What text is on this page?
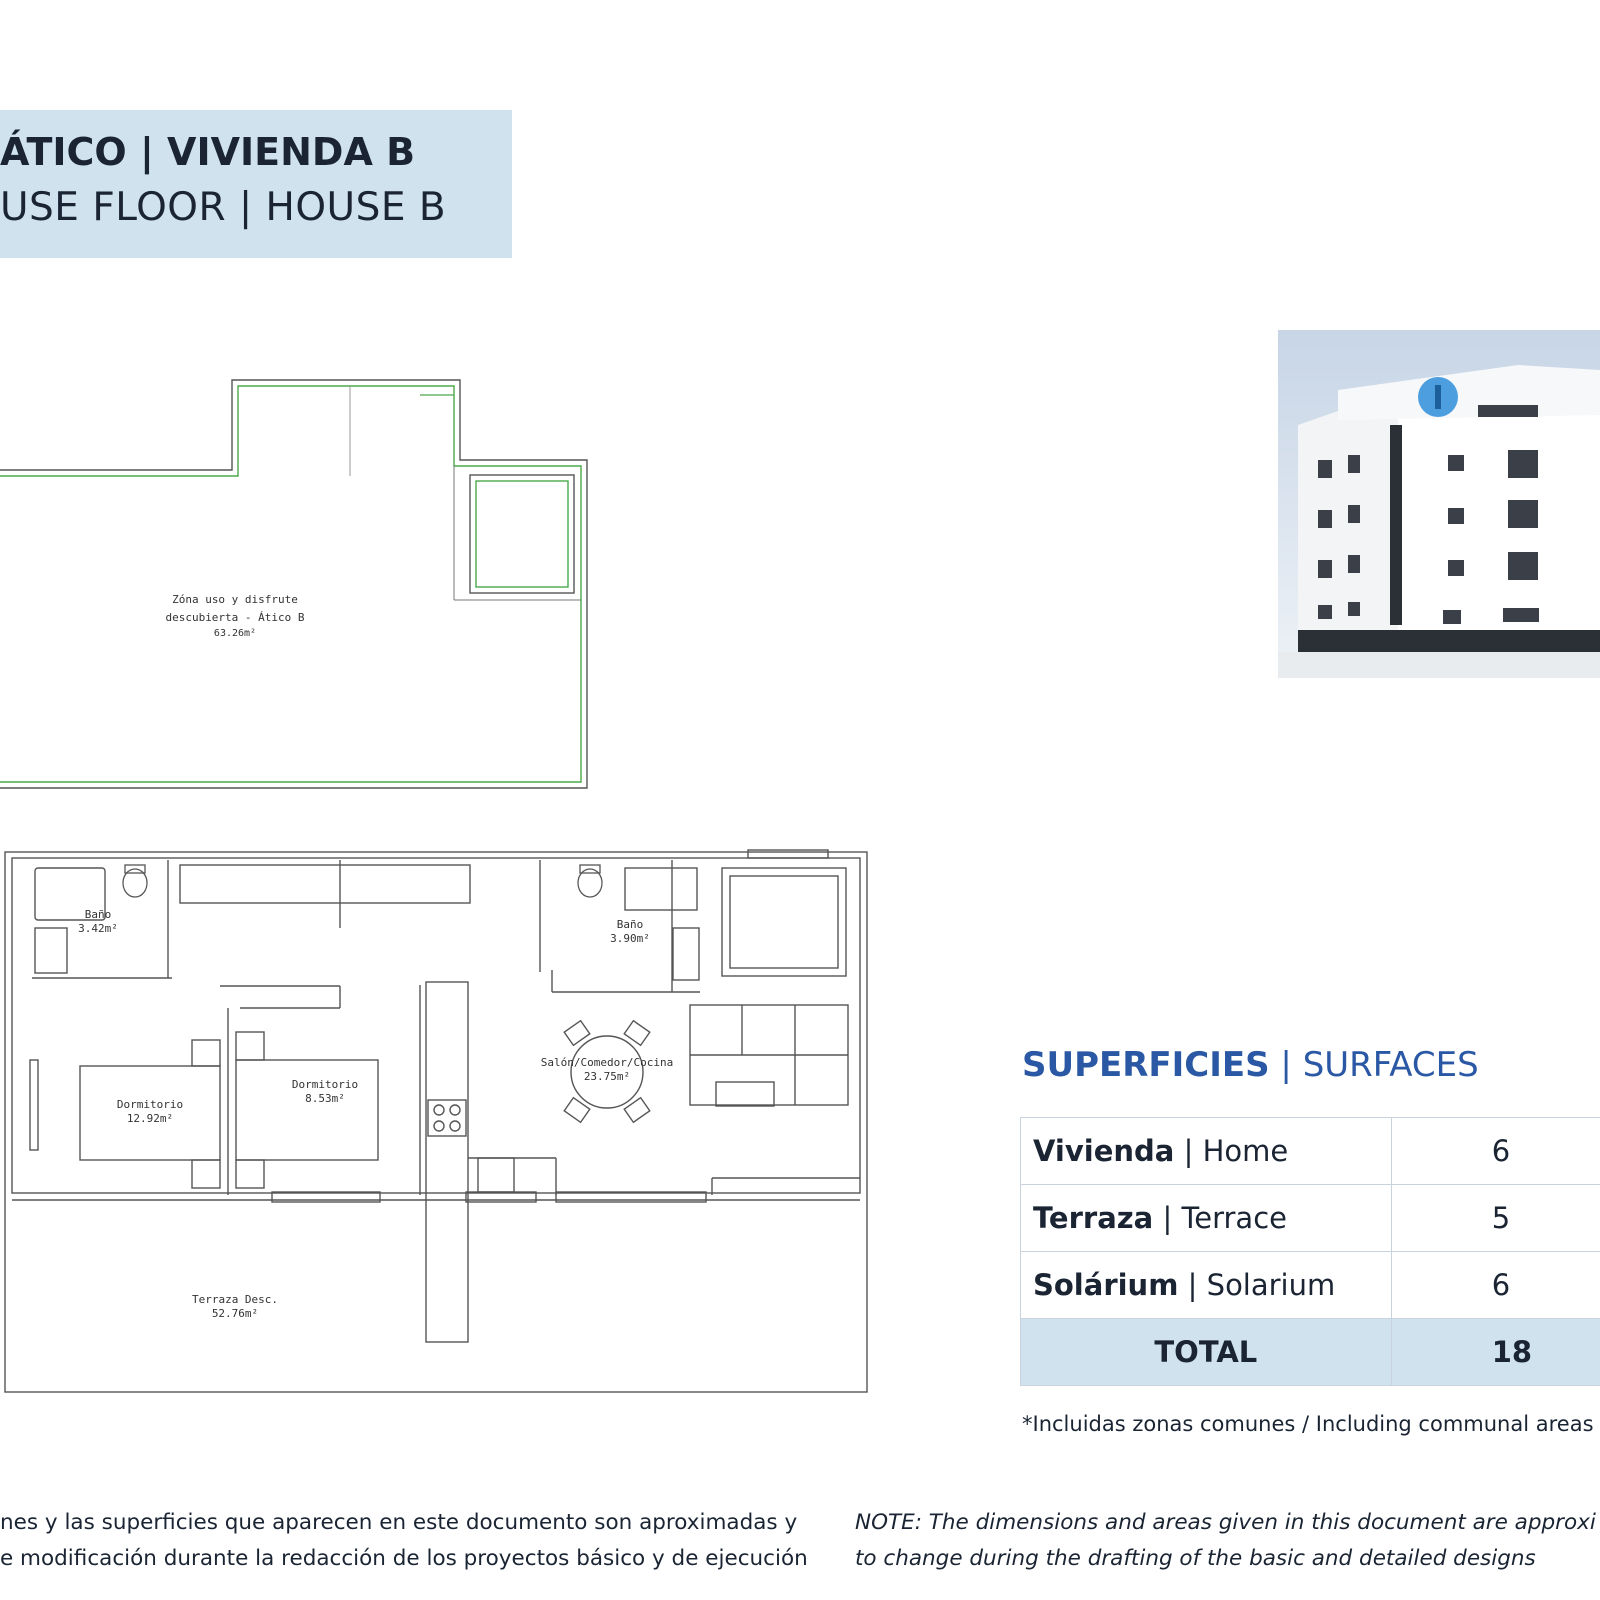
ÁTICO | VIVIENDA B
USE FLOOR | HOUSE B
Zóna uso y disfrute
descubierta - Ático B
63.26m²
Baño
3.42m²	Baño
3.90m²
Dormitorio
12.92m²
Dormitorio
8.53m²
Salón/Comedor/Cocina
23.75m²
Terraza Desc.
52.76m²
SUPERFICIES | SURFACES
Vivienda | Home	6
Terraza | Terrace	5
Solárium | Solarium	6
TOTAL	18
*Incluidas zonas comunes / Including communal areas
nes y las superficies que aparecen en este documento son aproximadas y
e modificación durante la redacción de los proyectos básico y de ejecución
NOTE: The dimensions and areas given in this document are approxi
to change during the drafting of the basic and detailed designs
